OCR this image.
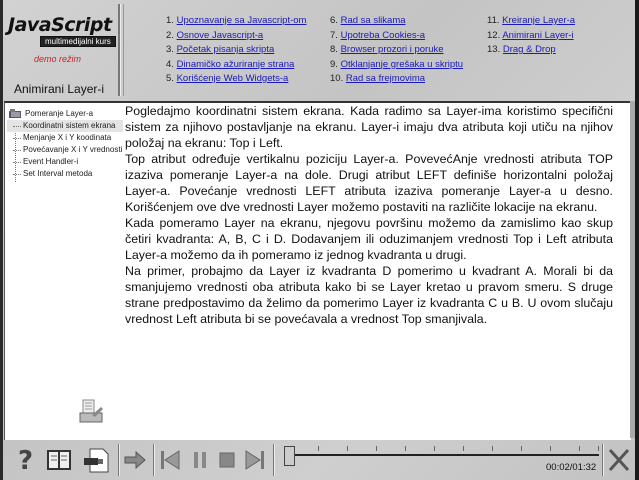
JavaScript
multimedijalni kurs
demo režim
Animirani Layer-i
1. Upoznavanje sa Javascript-om
2. Osnove Javascript-a
3. Početak pisanja skripta
4. Dinamičko ažuriranje strana
5. Korišćenje Web Widgets-a
6. Rad sa slikama
7. Upotreba Cookies-a
8. Browser prozori i poruke
9. Otklanjanje grešaka u skriptu
10. Rad sa frejmovima
11. Kreiranje Layer-a
12. Animirani Layer-i
13. Drag & Drop
Pomeranje Layer-a
Koordinatni sistem ekrana
Menjanje X i Y koodinata
Povećavanje X i Y vrednosti
Event Handler-i
Set Interval metoda

Pogledajmo koordinatni sistem ekrana. Kada radimo sa Layer-ima koristimo specifični sistem za njihovo postavljanje na ekranu. Layer-i imaju dva atributa koji utiču na njihov položaj na ekranu: Top i Left.

Top atribut određuje vertikalnu poziciju Layer-a. PovevećAnje vrednosti atributa TOP izaziva pomeranje Layer-a na dole. Drugi atribut LEFT definiše horizontalni položaj Layer-a. Povećanje vrednosti LEFT atributa izaziva pomeranje Layer-a u desno. Korišćenjem ove dve vrednosti Layer možemo postaviti na različite lokacije na ekranu.

Kada pomeramo Layer na ekranu, njegovu površinu možemo da zamislimo kao skup četiri kvadranta: A, B, C i D. Dodavanjem ili oduzimanjem vrednosti Top i Left atributa Layer-a možemo da ih pomeramo iz jednog kvadranta u drugi.

Na primer, probajmo da Layer iz kvadranta D pomerimo u kvadrant A. Morali bi da smanjujemo vrednosti oba atributa kako bi se Layer kretao u pravom smeru. S druge strane predpostavimo da želimo da pomerimo Layer iz kvadranta C u B. U ovom slučaju vrednost Left atributa bi se povećavala a vrednost Top smanjivala.

?	00:02/01:32
